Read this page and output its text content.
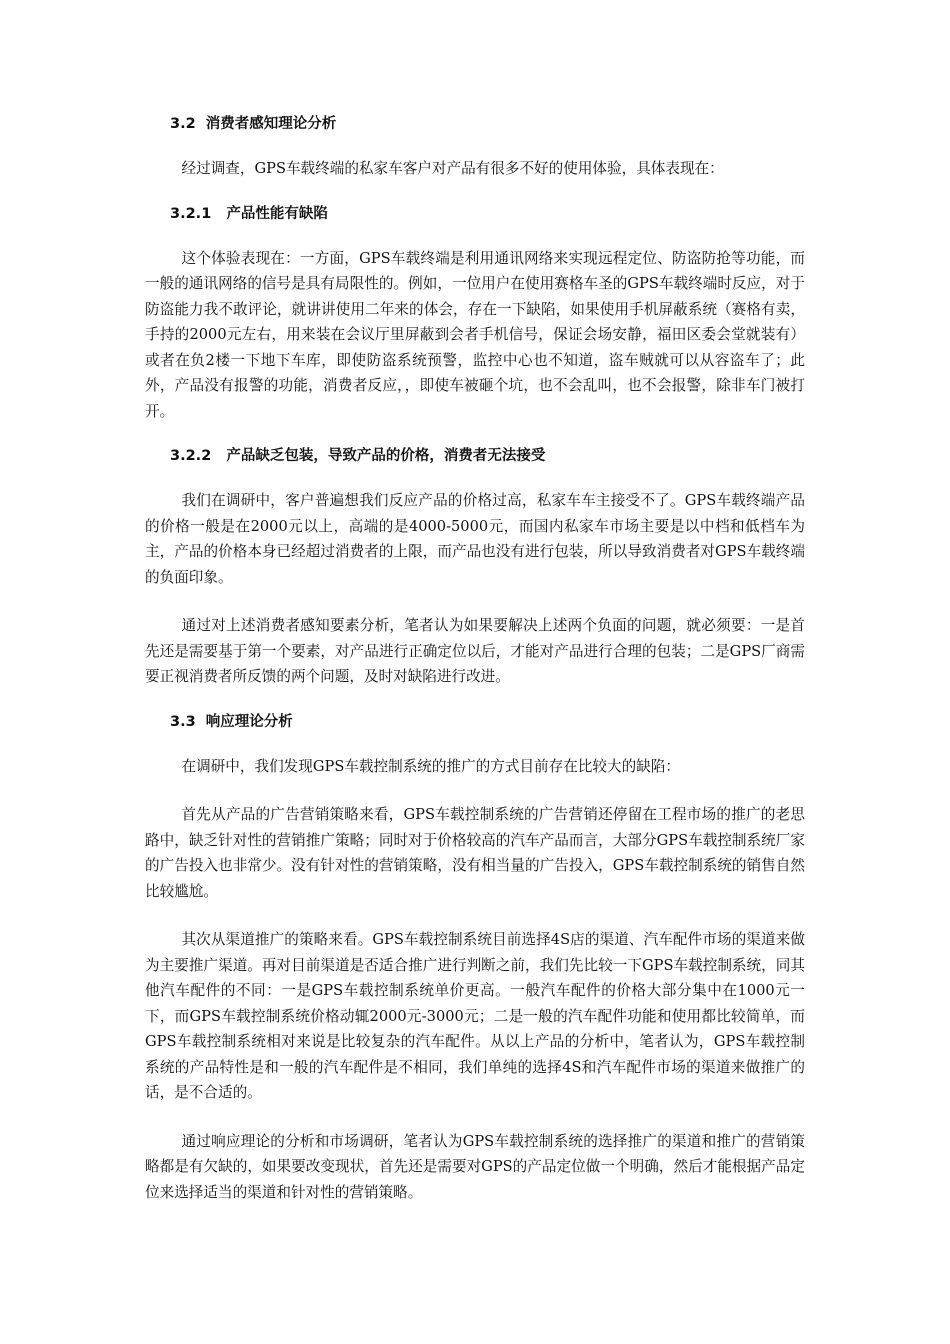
3.2  消费者感知理论分析

经过调查，GPS车载终端的私家车客户对产品有很多不好的使用体验，具体表现在：

3.2.1   产品性能有缺陷

这个体验表现在：一方面，GPS车载终端是利用通讯网络来实现远程定位、防盗防抢等功能，而一般的通讯网络的信号是具有局限性的。例如，一位用户在使用赛格车圣的GPS车载终端时反应，对于防盗能力我不敢评论，就讲讲使用二年来的体会，存在一下缺陷，如果使用手机屏蔽系统（赛格有卖，手持的2000元左右，用来装在会议厅里屏蔽到会者手机信号，保证会场安静，福田区委会堂就装有）或者在负2楼一下地下车库，即使防盗系统预警，监控中心也不知道，盗车贼就可以从容盗车了；此外，产品没有报警的功能，消费者反应，，即使车被砸个坑，也不会乱叫，也不会报警，除非车门被打开。

3.2.2   产品缺乏包装，导致产品的价格，消费者无法接受

我们在调研中，客户普遍想我们反应产品的价格过高，私家车车主接受不了。GPS车载终端产品的价格一般是在2000元以上，高端的是4000-5000元，而国内私家车市场主要是以中档和低档车为主，产品的价格本身已经超过消费者的上限，而产品也没有进行包装，所以导致消费者对GPS车载终端的负面印象。

通过对上述消费者感知要素分析，笔者认为如果要解决上述两个负面的问题，就必须要：一是首先还是需要基于第一个要素，对产品进行正确定位以后，才能对产品进行合理的包装；二是GPS厂商需要正视消费者所反馈的两个问题，及时对缺陷进行改进。

3.3  响应理论分析

在调研中，我们发现GPS车载控制系统的推广的方式目前存在比较大的缺陷：

首先从产品的广告营销策略来看，GPS车载控制系统的广告营销还停留在工程市场的推广的老思路中，缺乏针对性的营销推广策略；同时对于价格较高的汽车产品而言，大部分GPS车载控制系统厂家的广告投入也非常少。没有针对性的营销策略，没有相当量的广告投入，GPS车载控制系统的销售自然比较尴尬。

其次从渠道推广的策略来看。GPS车载控制系统目前选择4S店的渠道、汽车配件市场的渠道来做为主要推广渠道。再对目前渠道是否适合推广进行判断之前，我们先比较一下GPS车载控制系统，同其他汽车配件的不同：一是GPS车载控制系统单价更高。一般汽车配件的价格大部分集中在1000元一下，而GPS车载控制系统价格动辄2000元-3000元；二是一般的汽车配件功能和使用都比较简单，而GPS车载控制系统相对来说是比较复杂的汽车配件。从以上产品的分析中，笔者认为，GPS车载控制系统的产品特性是和一般的汽车配件是不相同，我们单纯的选择4S和汽车配件市场的渠道来做推广的话，是不合适的。

通过响应理论的分析和市场调研，笔者认为GPS车载控制系统的选择推广的渠道和推广的营销策略都是有欠缺的，如果要改变现状，首先还是需要对GPS的产品定位做一个明确，然后才能根据产品定位来选择适当的渠道和针对性的营销策略。
